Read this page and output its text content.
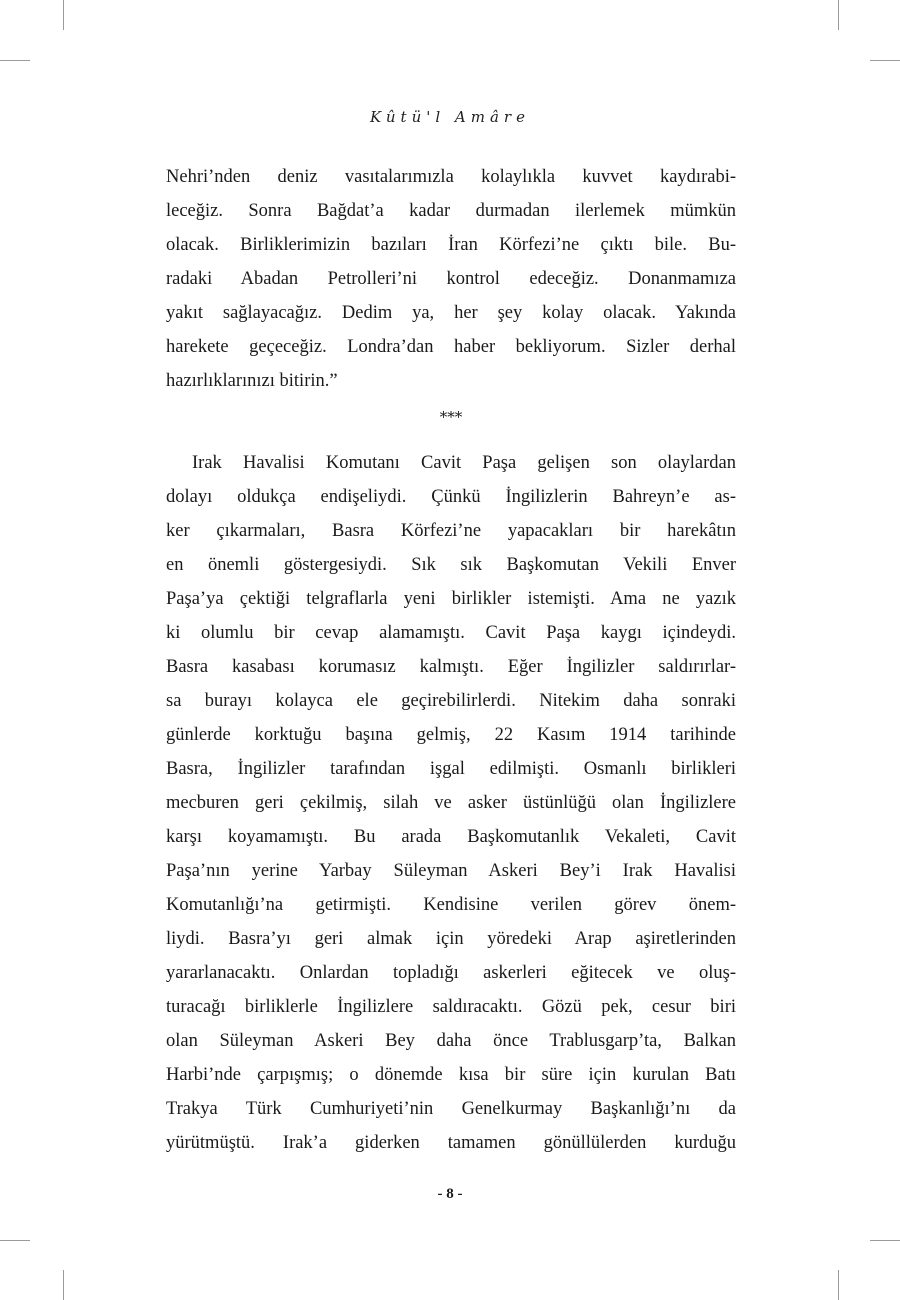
Kûtü'l Amâre
Nehri’nden deniz vasıtalarımızla kolaylıkla kuvvet kaydırabi-
leceğiz. Sonra Bağdat’a kadar durmadan ilerlemek mümkün
olacak. Birliklerimizin bazıları İran Körfezi’ne çıktı bile. Bu-
radaki Abadan Petrolleri’ni kontrol edeceğiz. Donanmamıza
yakıt sağlayacağız. Dedim ya, her şey kolay olacak. Yakında
harekete geçeceğiz. Londra’dan haber bekliyorum. Sizler derhal
hazırlıklarınızı bitirin.”
***
Irak Havalisi Komutanı Cavit Paşa gelişen son olaylardan
dolayı oldukça endişeliydi. Çünkü İngilizlerin Bahreyn’e as-
ker çıkarmaları, Basra Körfezi’ne yapacakları bir harekâtın
en önemli göstergesiydi. Sık sık Başkomutan Vekili Enver
Paşa’ya çektiği telgraflarla yeni birlikler istemişti. Ama ne yazık
ki olumlu bir cevap alamamıştı. Cavit Paşa kaygı içindeydi.
Basra kasabası korumasız kalmıştı. Eğer İngilizler saldırırlar-
sa burayı kolayca ele geçirebilirlerdi. Nitekim daha sonraki
günlerde korktuğu başına gelmiş, 22 Kasım 1914 tarihinde
Basra, İngilizler tarafından işgal edilmişti. Osmanlı birlikleri
mecburen geri çekilmiş, silah ve asker üstünlüğü olan İngilizlere
karşı koyamamıştı. Bu arada Başkomutanlık Vekaleti, Cavit
Paşa’nın yerine Yarbay Süleyman Askeri Bey’i Irak Havalisi
Komutanlığı’na getirmişti. Kendisine verilen görev önem-
liydi. Basra’yı geri almak için yöredeki Arap aşiretlerinden
yararlanacaktı. Onlardan topladığı askerleri eğitecek ve oluş-
turacağı birliklerle İngilizlere saldıracaktı. Gözü pek, cesur biri
olan Süleyman Askeri Bey daha önce Trablusgarp’ta, Balkan
Harbi’nde çarpışmış; o dönemde kısa bir süre için kurulan Batı
Trakya Türk Cumhuriyeti’nin Genelkurmay Başkanlığı’nı da
yürütmüştü. Irak’a giderken tamamen gönüllülerden kurduğu
- 8 -
